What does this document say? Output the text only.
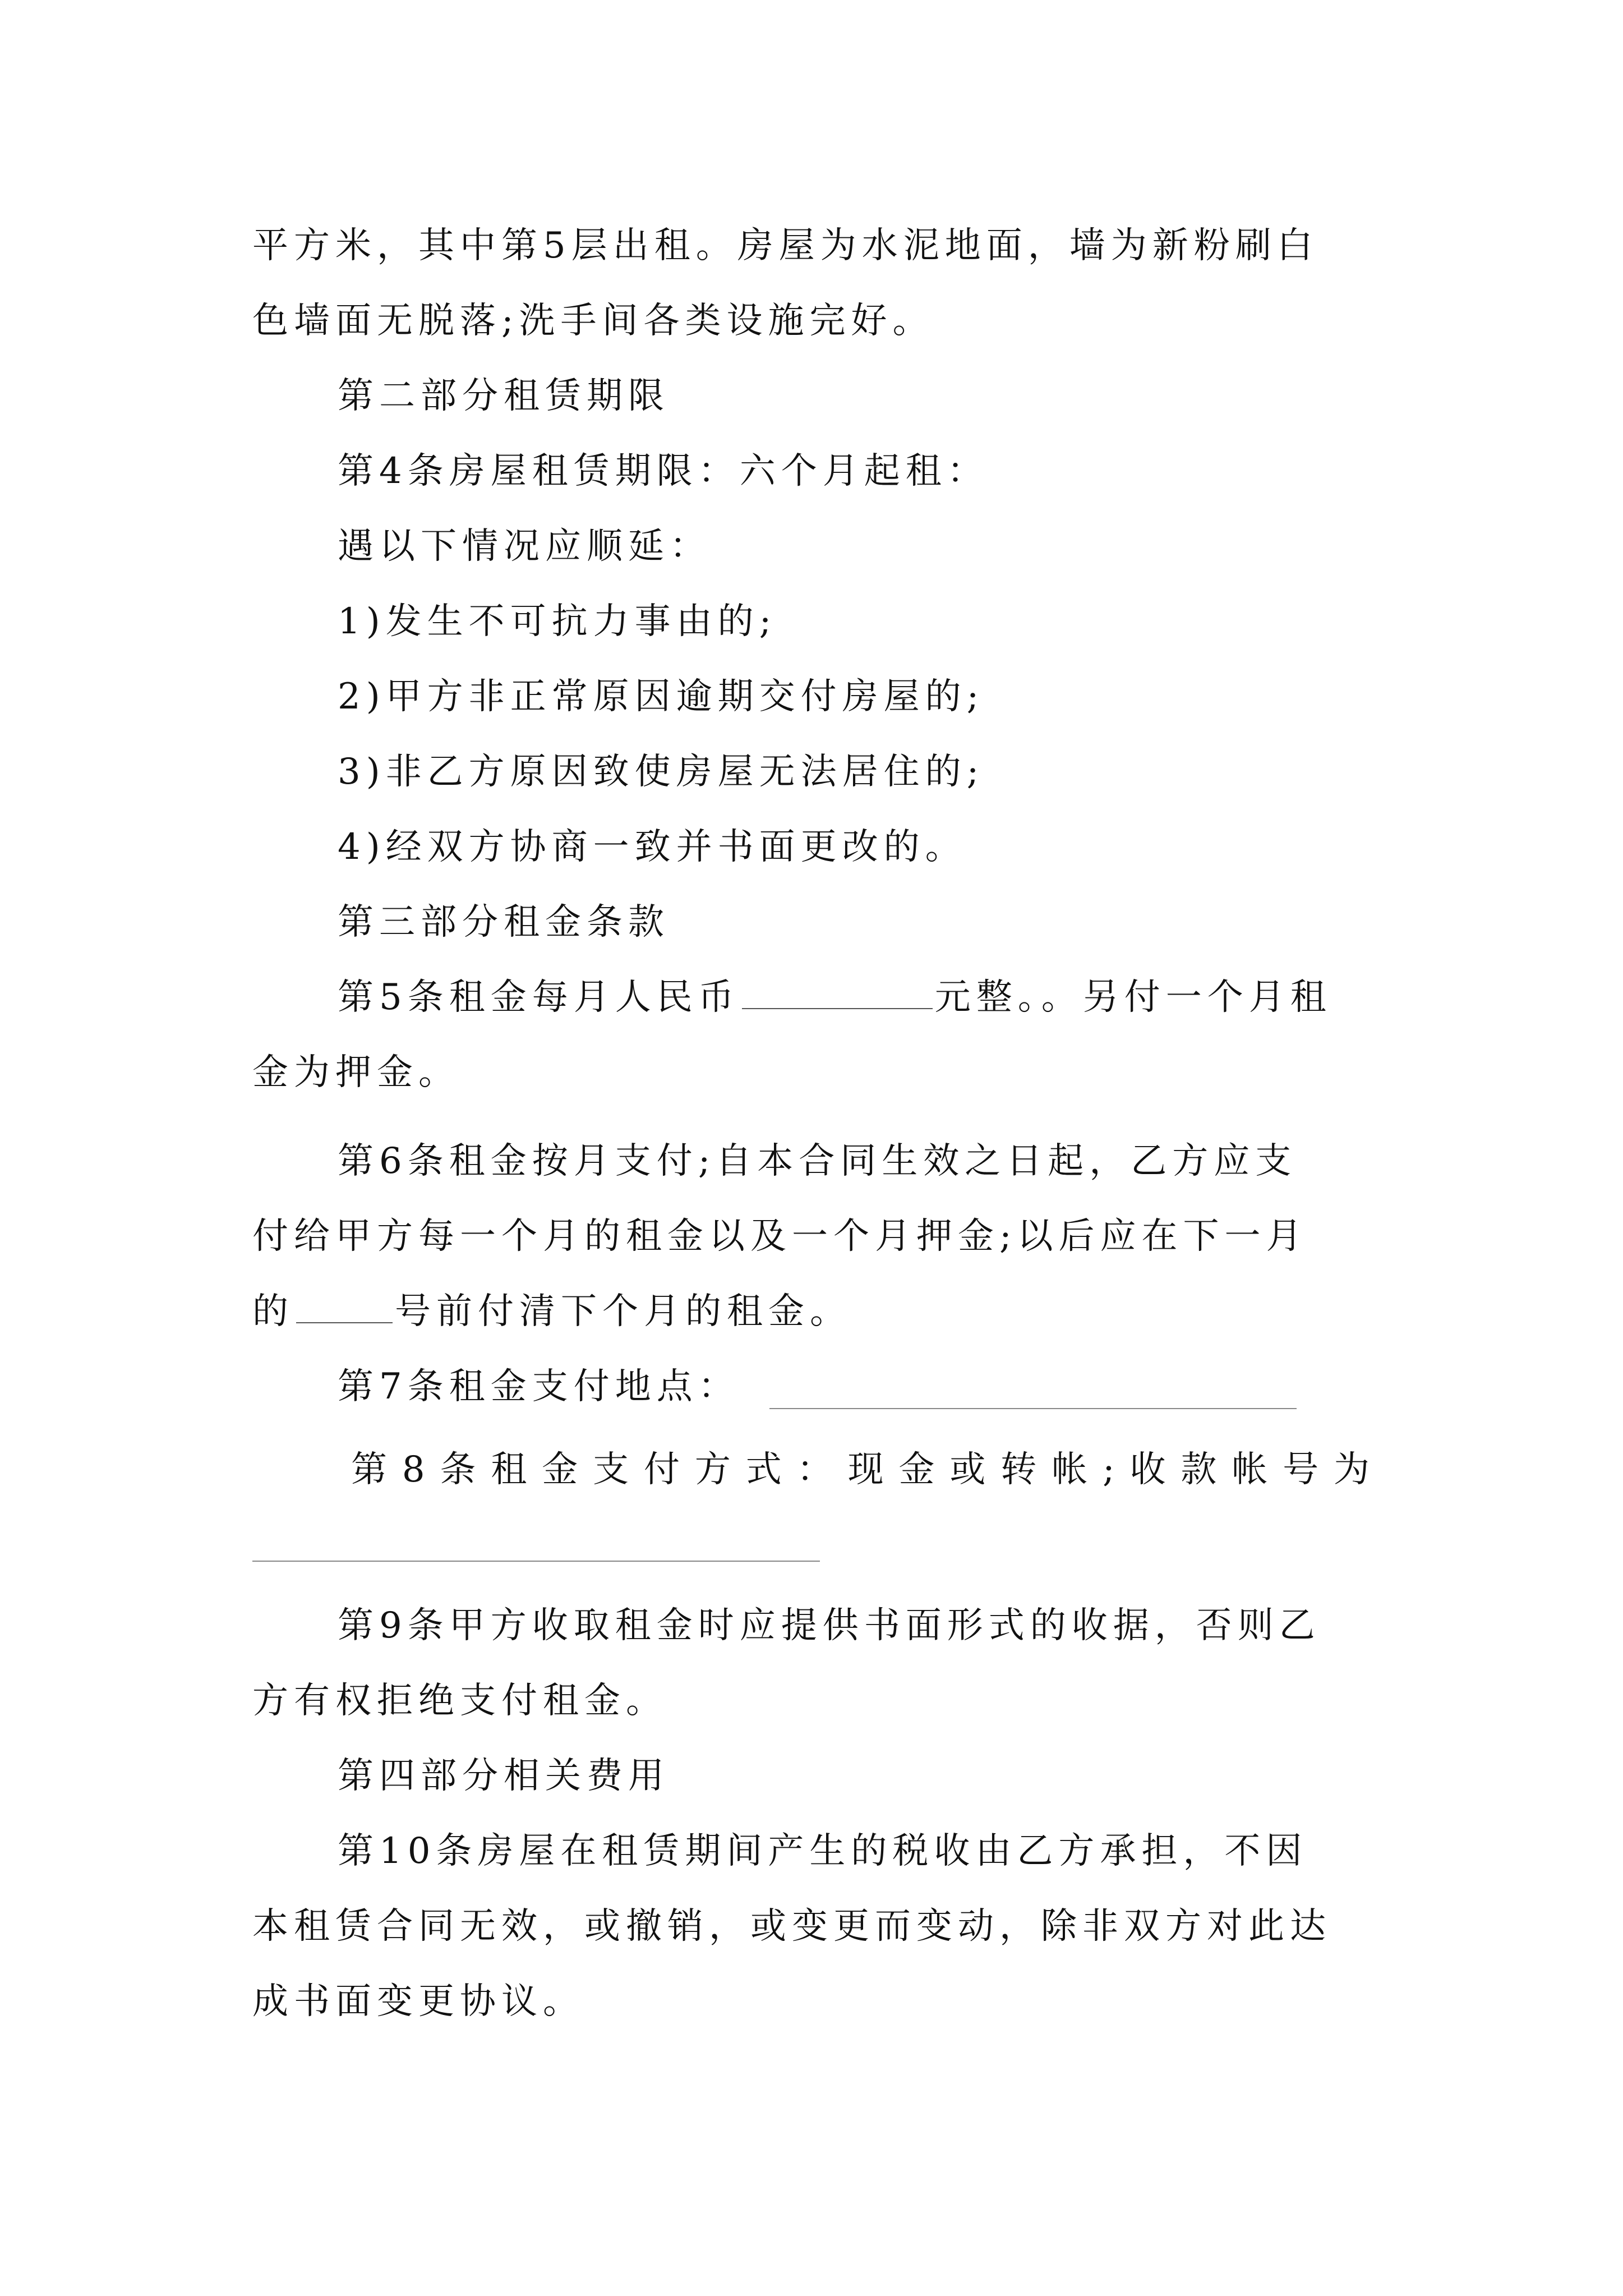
平方米，其中第5层出租。房屋为水泥地面，墙为新粉刷白
色墙面无脱落;洗手间各类设施完好。
第二部分租赁期限
第4条房屋租赁期限：六个月起租：
遇以下情况应顺延：
1)发生不可抗力事由的;
2)甲方非正常原因逾期交付房屋的;
3)非乙方原因致使房屋无法居住的;
4)经双方协商一致并书面更改的。
第三部分租金条款
第5条租金每月人民币	元整。。另付一个月租
金为押金。
第6条租金按月支付;自本合同生效之日起，乙方应支
付给甲方每一个月的租金以及一个月押金;以后应在下一月
的	号前付清下个月的租金。
第7条租金支付地点：
第8条租金支付方式：现金或转帐;收款帐号为
第9条甲方收取租金时应提供书面形式的收据，否则乙
方有权拒绝支付租金。
第四部分相关费用
第10条房屋在租赁期间产生的税收由乙方承担，不因
本租赁合同无效，或撤销，或变更而变动，除非双方对此达
成书面变更协议。
